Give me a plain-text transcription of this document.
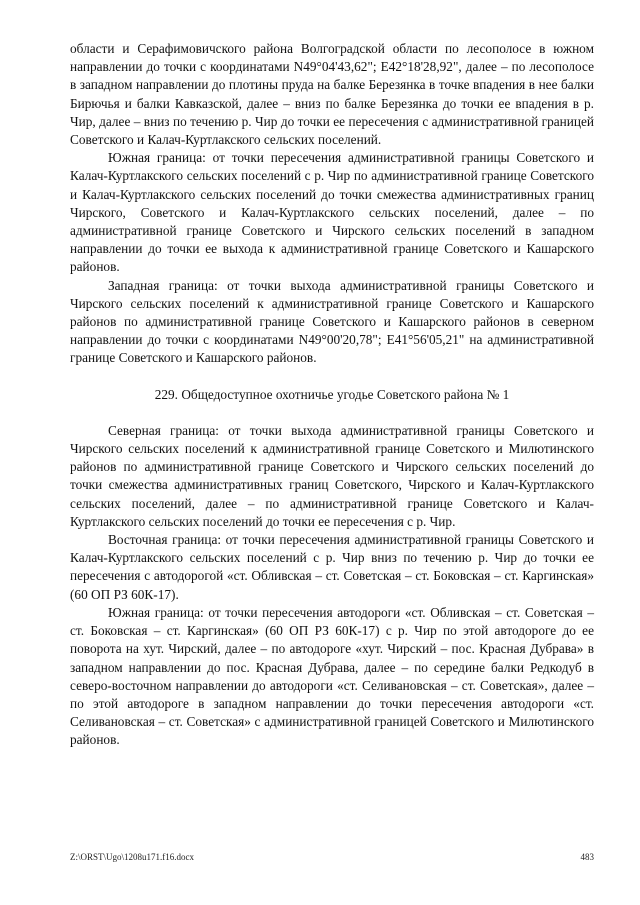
области и Серафимовичского района Волгоградской области по лесополосе в южном направлении до точки с координатами N49°04'43,62"; E42°18'28,92", далее – по лесополосе в западном направлении до плотины пруда на балке Березянка в точке впадения в нее балки Бирючья и балки Кавказской, далее – вниз по балке Березянка до точки ее впадения в р. Чир, далее – вниз по течению р. Чир до точки ее пересечения с административной границей Советского и Калач-Куртлакского сельских поселений.

Южная граница: от точки пересечения административной границы Советского и Калач-Куртлакского сельских поселений с р. Чир по административной границе Советского и Калач-Куртлакского сельских поселений до точки смежества административных границ Чирского, Советского и Калач-Куртлакского сельских поселений, далее – по административной границе Советского и Чирского сельских поселений в западном направлении до точки ее выхода к административной границе Советского и Кашарского районов.

Западная граница: от точки выхода административной границы Советского и Чирского сельских поселений к административной границе Советского и Кашарского районов по административной границе Советского и Кашарского районов в северном направлении до точки с координатами N49°00'20,78"; E41°56'05,21" на административной границе Советского и Кашарского районов.

229. Общедоступное охотничье угодье Советского района № 1

Северная граница: от точки выхода административной границы Советского и Чирского сельских поселений к административной границе Советского и Милютинского районов по административной границе Советского и Чирского сельских поселений до точки смежества административных границ Советского, Чирского и Калач-Куртлакского сельских поселений, далее – по административной границе Советского и Калач-Куртлакского сельских поселений до точки ее пересечения с р. Чир.

Восточная граница: от точки пересечения административной границы Советского и Калач-Куртлакского сельских поселений с р. Чир вниз по течению р. Чир до точки ее пересечения с автодорогой «ст. Обливская – ст. Советская – ст. Боковская – ст. Каргинская» (60 ОП РЗ 60К-17).

Южная граница: от точки пересечения автодороги «ст. Обливская – ст. Советская – ст. Боковская – ст. Каргинская» (60 ОП РЗ 60К-17) с р. Чир по этой автодороге до ее поворота на хут. Чирский, далее – по автодороге «хут. Чирский – пос. Красная Дубрава» в западном направлении до пос. Красная Дубрава, далее – по середине балки Редкодуб в северо-восточном направлении до автодороги «ст. Селивановская – ст. Советская», далее – по этой автодороге в западном направлении до точки пересечения автодороги «ст. Селивановская – ст. Советская» с административной границей Советского и Милютинского районов.

Z:\ORST\Ugo\1208u171.f16.docx	483
